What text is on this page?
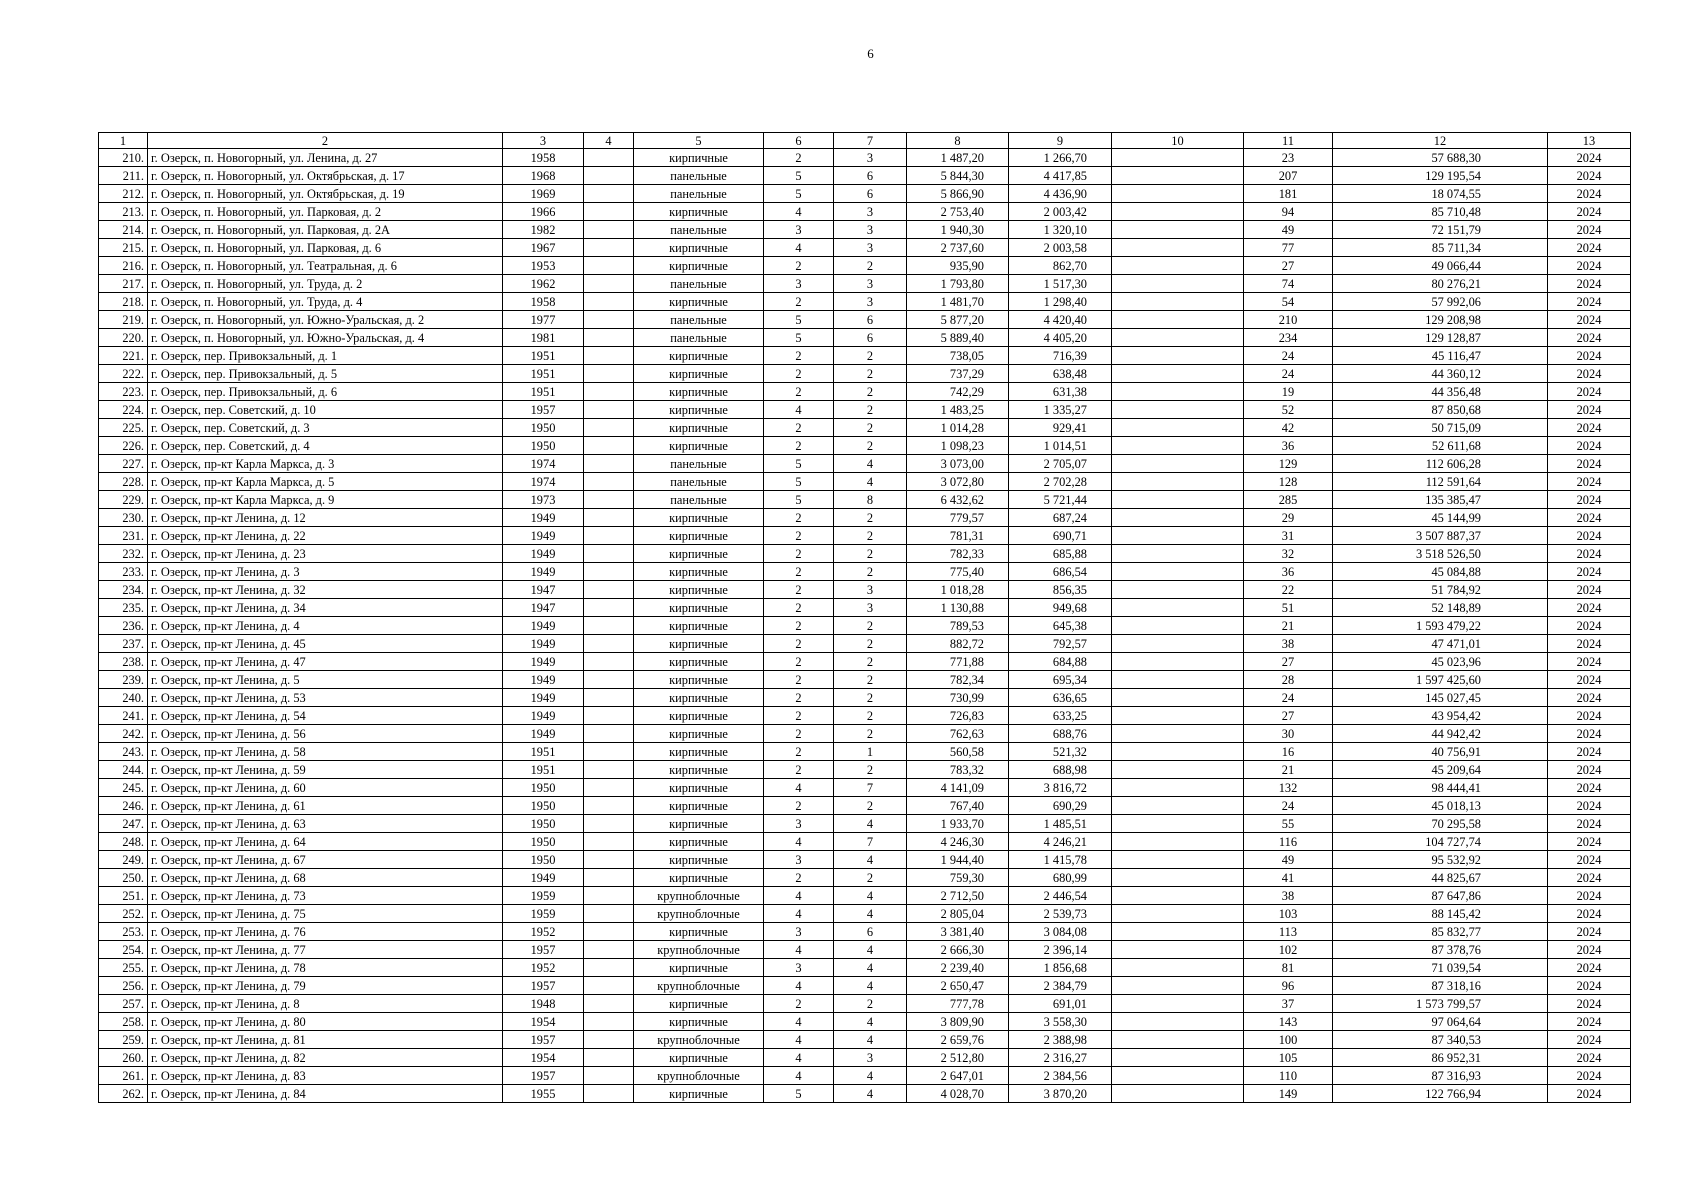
6
1	2	3	4	5	6	7	8	9	10	11	12	13
210.	г. Озерск, п. Новогорный, ул. Ленина, д. 27	1958		кирпичные	2	3	1 487,20	1 266,70		23	57 688,30	2024
211.	г. Озерск, п. Новогорный, ул. Октябрьская, д. 17	1968		панельные	5	6	5 844,30	4 417,85		207	129 195,54	2024
212.	г. Озерск, п. Новогорный, ул. Октябрьская, д. 19	1969		панельные	5	6	5 866,90	4 436,90		181	18 074,55	2024
213.	г. Озерск, п. Новогорный, ул. Парковая, д. 2	1966		кирпичные	4	3	2 753,40	2 003,42		94	85 710,48	2024
214.	г. Озерск, п. Новогорный, ул. Парковая, д. 2А	1982		панельные	3	3	1 940,30	1 320,10		49	72 151,79	2024
215.	г. Озерск, п. Новогорный, ул. Парковая, д. 6	1967		кирпичные	4	3	2 737,60	2 003,58		77	85 711,34	2024
216.	г. Озерск, п. Новогорный, ул. Театральная, д. 6	1953		кирпичные	2	2	935,90	862,70		27	49 066,44	2024
217.	г. Озерск, п. Новогорный, ул. Труда, д. 2	1962		панельные	3	3	1 793,80	1 517,30		74	80 276,21	2024
218.	г. Озерск, п. Новогорный, ул. Труда, д. 4	1958		кирпичные	2	3	1 481,70	1 298,40		54	57 992,06	2024
219.	г. Озерск, п. Новогорный, ул. Южно-Уральская, д. 2	1977		панельные	5	6	5 877,20	4 420,40		210	129 208,98	2024
220.	г. Озерск, п. Новогорный, ул. Южно-Уральская, д. 4	1981		панельные	5	6	5 889,40	4 405,20		234	129 128,87	2024
221.	г. Озерск, пер. Привокзальный, д. 1	1951		кирпичные	2	2	738,05	716,39		24	45 116,47	2024
222.	г. Озерск, пер. Привокзальный, д. 5	1951		кирпичные	2	2	737,29	638,48		24	44 360,12	2024
223.	г. Озерск, пер. Привокзальный, д. 6	1951		кирпичные	2	2	742,29	631,38		19	44 356,48	2024
224.	г. Озерск, пер. Советский, д. 10	1957		кирпичные	4	2	1 483,25	1 335,27		52	87 850,68	2024
225.	г. Озерск, пер. Советский, д. 3	1950		кирпичные	2	2	1 014,28	929,41		42	50 715,09	2024
226.	г. Озерск, пер. Советский, д. 4	1950		кирпичные	2	2	1 098,23	1 014,51		36	52 611,68	2024
227.	г. Озерск, пр-кт Карла Маркса, д. 3	1974		панельные	5	4	3 073,00	2 705,07		129	112 606,28	2024
228.	г. Озерск, пр-кт Карла Маркса, д. 5	1974		панельные	5	4	3 072,80	2 702,28		128	112 591,64	2024
229.	г. Озерск, пр-кт Карла Маркса, д. 9	1973		панельные	5	8	6 432,62	5 721,44		285	135 385,47	2024
230.	г. Озерск, пр-кт Ленина, д. 12	1949		кирпичные	2	2	779,57	687,24		29	45 144,99	2024
231.	г. Озерск, пр-кт Ленина, д. 22	1949		кирпичные	2	2	781,31	690,71		31	3 507 887,37	2024
232.	г. Озерск, пр-кт Ленина, д. 23	1949		кирпичные	2	2	782,33	685,88		32	3 518 526,50	2024
233.	г. Озерск, пр-кт Ленина, д. 3	1949		кирпичные	2	2	775,40	686,54		36	45 084,88	2024
234.	г. Озерск, пр-кт Ленина, д. 32	1947		кирпичные	2	3	1 018,28	856,35		22	51 784,92	2024
235.	г. Озерск, пр-кт Ленина, д. 34	1947		кирпичные	2	3	1 130,88	949,68		51	52 148,89	2024
236.	г. Озерск, пр-кт Ленина, д. 4	1949		кирпичные	2	2	789,53	645,38		21	1 593 479,22	2024
237.	г. Озерск, пр-кт Ленина, д. 45	1949		кирпичные	2	2	882,72	792,57		38	47 471,01	2024
238.	г. Озерск, пр-кт Ленина, д. 47	1949		кирпичные	2	2	771,88	684,88		27	45 023,96	2024
239.	г. Озерск, пр-кт Ленина, д. 5	1949		кирпичные	2	2	782,34	695,34		28	1 597 425,60	2024
240.	г. Озерск, пр-кт Ленина, д. 53	1949		кирпичные	2	2	730,99	636,65		24	145 027,45	2024
241.	г. Озерск, пр-кт Ленина, д. 54	1949		кирпичные	2	2	726,83	633,25		27	43 954,42	2024
242.	г. Озерск, пр-кт Ленина, д. 56	1949		кирпичные	2	2	762,63	688,76		30	44 942,42	2024
243.	г. Озерск, пр-кт Ленина, д. 58	1951		кирпичные	2	1	560,58	521,32		16	40 756,91	2024
244.	г. Озерск, пр-кт Ленина, д. 59	1951		кирпичные	2	2	783,32	688,98		21	45 209,64	2024
245.	г. Озерск, пр-кт Ленина, д. 60	1950		кирпичные	4	7	4 141,09	3 816,72		132	98 444,41	2024
246.	г. Озерск, пр-кт Ленина, д. 61	1950		кирпичные	2	2	767,40	690,29		24	45 018,13	2024
247.	г. Озерск, пр-кт Ленина, д. 63	1950		кирпичные	3	4	1 933,70	1 485,51		55	70 295,58	2024
248.	г. Озерск, пр-кт Ленина, д. 64	1950		кирпичные	4	7	4 246,30	4 246,21		116	104 727,74	2024
249.	г. Озерск, пр-кт Ленина, д. 67	1950		кирпичные	3	4	1 944,40	1 415,78		49	95 532,92	2024
250.	г. Озерск, пр-кт Ленина, д. 68	1949		кирпичные	2	2	759,30	680,99		41	44 825,67	2024
251.	г. Озерск, пр-кт Ленина, д. 73	1959		крупноблочные	4	4	2 712,50	2 446,54		38	87 647,86	2024
252.	г. Озерск, пр-кт Ленина, д. 75	1959		крупноблочные	4	4	2 805,04	2 539,73		103	88 145,42	2024
253.	г. Озерск, пр-кт Ленина, д. 76	1952		кирпичные	3	6	3 381,40	3 084,08		113	85 832,77	2024
254.	г. Озерск, пр-кт Ленина, д. 77	1957		крупноблочные	4	4	2 666,30	2 396,14		102	87 378,76	2024
255.	г. Озерск, пр-кт Ленина, д. 78	1952		кирпичные	3	4	2 239,40	1 856,68		81	71 039,54	2024
256.	г. Озерск, пр-кт Ленина, д. 79	1957		крупноблочные	4	4	2 650,47	2 384,79		96	87 318,16	2024
257.	г. Озерск, пр-кт Ленина, д. 8	1948		кирпичные	2	2	777,78	691,01		37	1 573 799,57	2024
258.	г. Озерск, пр-кт Ленина, д. 80	1954		кирпичные	4	4	3 809,90	3 558,30		143	97 064,64	2024
259.	г. Озерск, пр-кт Ленина, д. 81	1957		крупноблочные	4	4	2 659,76	2 388,98		100	87 340,53	2024
260.	г. Озерск, пр-кт Ленина, д. 82	1954		кирпичные	4	3	2 512,80	2 316,27		105	86 952,31	2024
261.	г. Озерск, пр-кт Ленина, д. 83	1957		крупноблочные	4	4	2 647,01	2 384,56		110	87 316,93	2024
262.	г. Озерск, пр-кт Ленина, д. 84	1955		кирпичные	5	4	4 028,70	3 870,20		149	122 766,94	2024
